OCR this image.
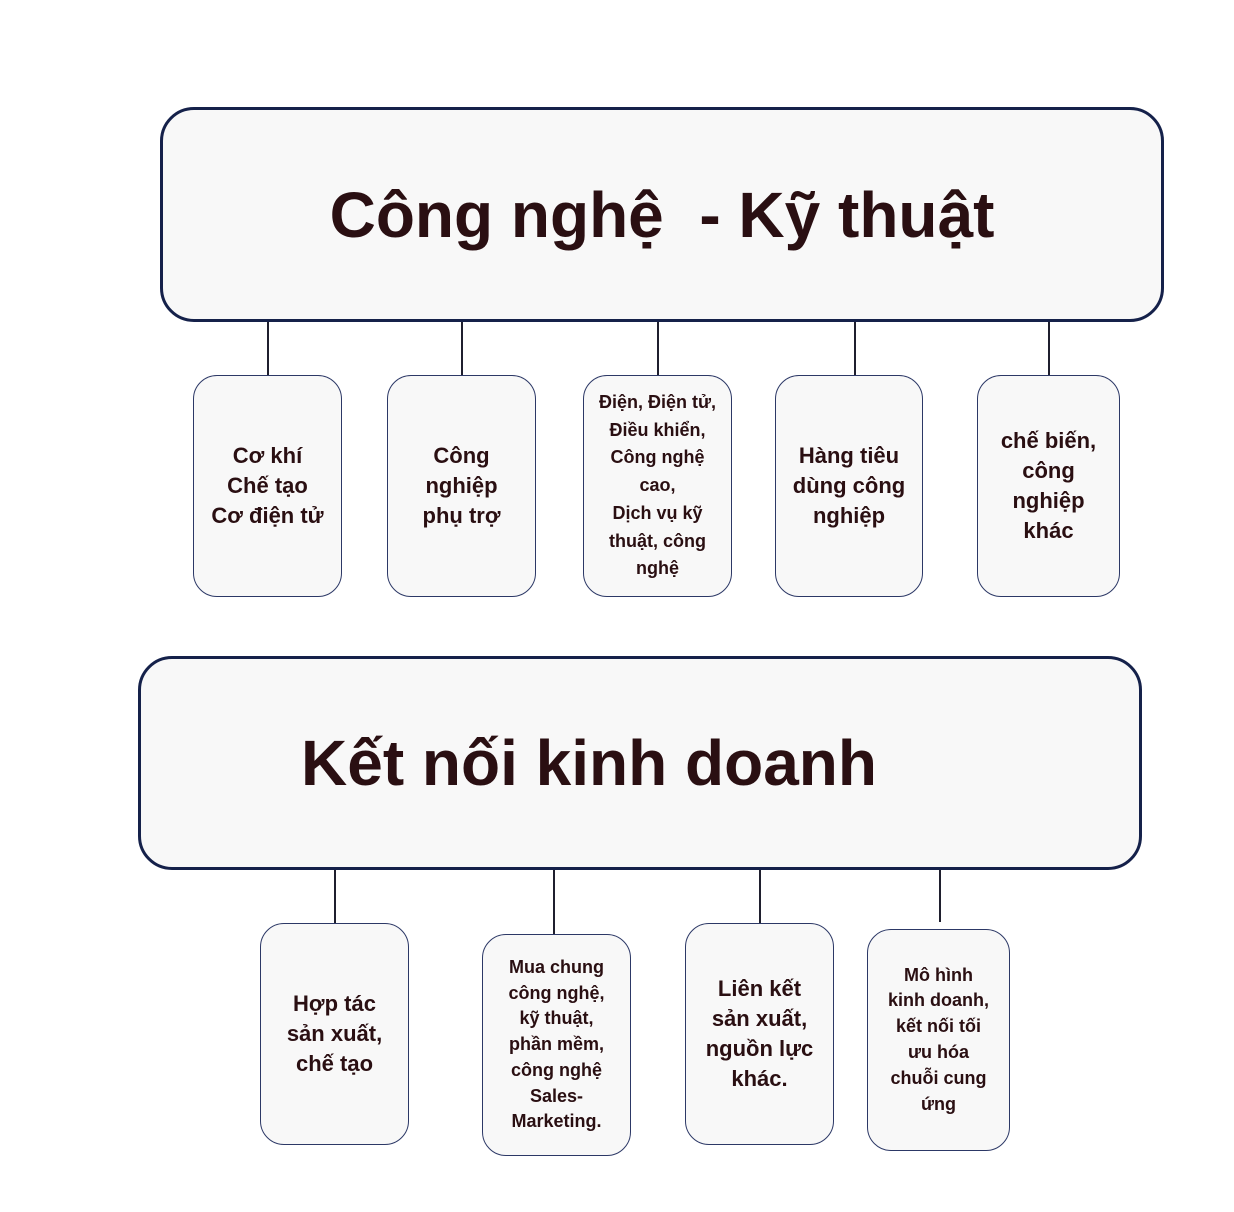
Công nghệ  - Kỹ thuật
Cơ khí
Chế tạo
Cơ điện tử
Công
nghiệp
phụ trợ
Điện, Điện tử,
Điều khiển,
Công nghệ
cao,
Dịch vụ kỹ
thuật, công
nghệ
Hàng tiêu
dùng công
nghiệp
chế biến,
công
nghiệp
khác
Kết nối kinh doanh
Hợp tác
sản xuất,
chế tạo
Mua chung
công nghệ,
kỹ thuật,
phần mềm,
công nghệ
Sales-
Marketing.
Liên kết
sản xuất,
nguồn lực
khác.
Mô hình
kinh doanh,
kết nối tối
ưu hóa
chuỗi cung
ứng
